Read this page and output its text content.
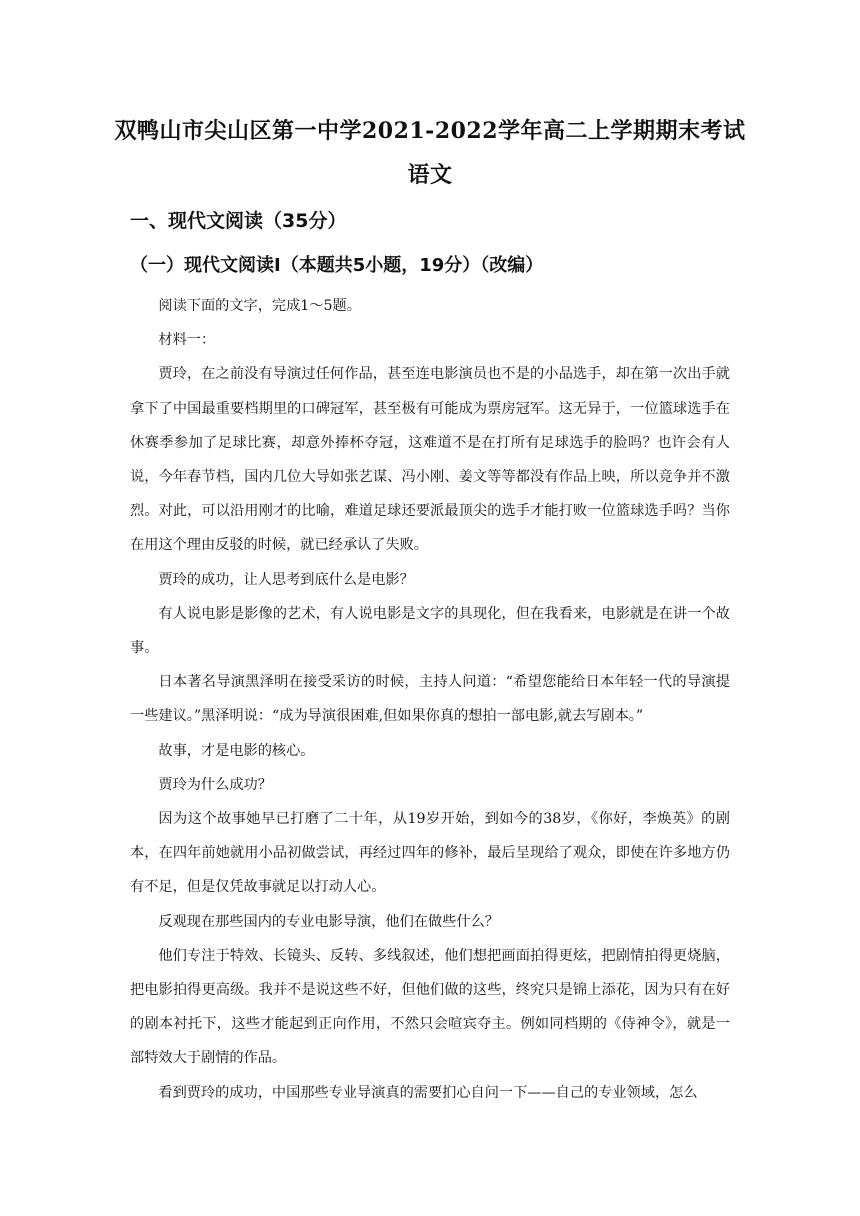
双鸭山市尖山区第一中学2021-2022学年高二上学期期末考试
语文
一、现代文阅读（35分）
（一）现代文阅读Ⅰ（本题共5小题，19分）（改编）

阅读下面的文字，完成1～5题。

材料一：

贾玲，在之前没有导演过任何作品，甚至连电影演员也不是的小品选手，却在第一次出手就拿下了中国最重要档期里的口碑冠军，甚至极有可能成为票房冠军。这无异于，一位篮球选手在休赛季参加了足球比赛，却意外捧杯夺冠，这难道不是在打所有足球选手的脸吗？也许会有人说，今年春节档，国内几位大导如张艺谋、冯小刚、姜文等等都没有作品上映，所以竞争并不激烈。对此，可以沿用刚才的比喻，难道足球还要派最顶尖的选手才能打败一位篮球选手吗？当你在用这个理由反驳的时候，就已经承认了失败。

贾玲的成功，让人思考到底什么是电影？

有人说电影是影像的艺术，有人说电影是文字的具现化，但在我看来，电影就是在讲一个故事。

日本著名导演黑泽明在接受采访的时候，主持人问道：“希望您能给日本年轻一代的导演提一些建议。”黑泽明说：“成为导演很困难,但如果你真的想拍一部电影,就去写剧本。”

故事，才是电影的核心。

贾玲为什么成功？

因为这个故事她早已打磨了二十年，从19岁开始，到如今的38岁，《你好，李焕英》的剧本，在四年前她就用小品初做尝试，再经过四年的修补，最后呈现给了观众，即使在许多地方仍有不足，但是仅凭故事就足以打动人心。

反观现在那些国内的专业电影导演，他们在做些什么？

他们专注于特效、长镜头、反转、多线叙述，他们想把画面拍得更炫，把剧情拍得更烧脑，把电影拍得更高级。我并不是说这些不好，但他们做的这些，终究只是锦上添花，因为只有在好的剧本衬托下，这些才能起到正向作用，不然只会喧宾夺主。例如同档期的《侍神令》，就是一部特效大于剧情的作品。

看到贾玲的成功，中国那些专业导演真的需要扪心自问一下——自己的专业领域，怎么
